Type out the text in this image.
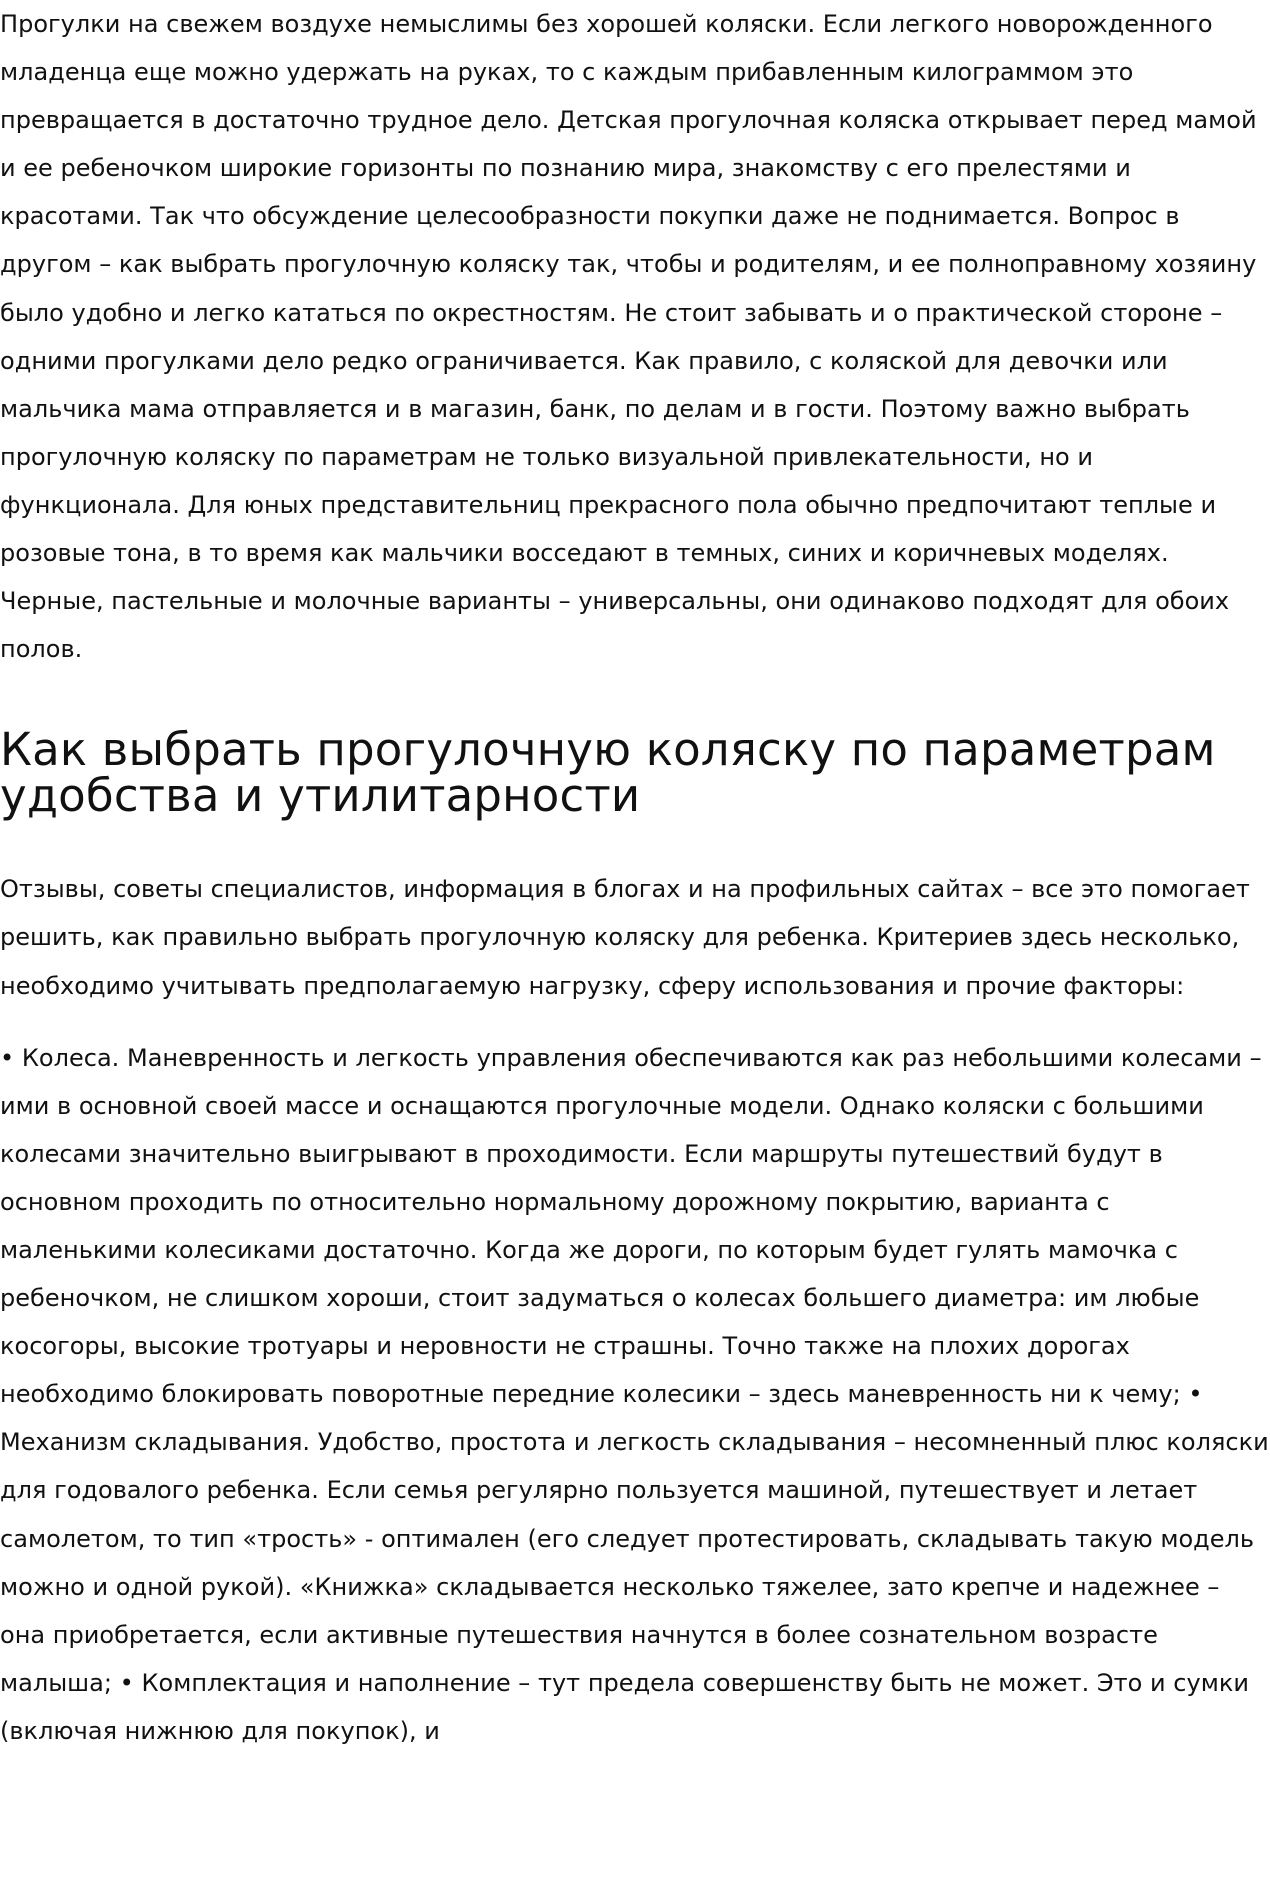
Прогулки на свежем воздухе немыслимы без хорошей коляски. Если легкого новорожденного младенца еще можно удержать на руках, то с каждым прибавленным килограммом это превращается в достаточно трудное дело. Детская прогулочная коляска открывает перед мамой и ее ребеночком широкие горизонты по познанию мира, знакомству с его прелестями и красотами. Так что обсуждение целесообразности покупки даже не поднимается. Вопрос в другом – как выбрать прогулочную коляску так, чтобы и родителям, и ее полноправному хозяину было удобно и легко кататься по окрестностям. Не стоит забывать и о практической стороне – одними прогулками дело редко ограничивается. Как правило, с коляской для девочки или мальчика мама отправляется и в магазин, банк, по делам и в гости. Поэтому важно выбрать прогулочную коляску по параметрам не только визуальной привлекательности, но и функционала. Для юных представительниц прекрасного пола обычно предпочитают теплые и розовые тона, в то время как мальчики восседают в темных, синих и коричневых моделях. Черные, пастельные и молочные варианты – универсальны, они одинаково подходят для обоих полов.

Как выбрать прогулочную коляску по параметрам удобства и утилитарности

Отзывы, советы специалистов, информация в блогах и на профильных сайтах – все это помогает решить, как правильно выбрать прогулочную коляску для ребенка. Критериев здесь несколько, необходимо учитывать предполагаемую нагрузку, сферу использования и прочие факторы:

• Колеса. Маневренность и легкость управления обеспечиваются как раз небольшими колесами – ими в основной своей массе и оснащаются прогулочные модели. Однако коляски с большими колесами значительно выигрывают в проходимости. Если маршруты путешествий будут в основном проходить по относительно нормальному дорожному покрытию, варианта с маленькими колесиками достаточно. Когда же дороги, по которым будет гулять мамочка с ребеночком, не слишком хороши, стоит задуматься о колесах большего диаметра: им любые косогоры, высокие тротуары и неровности не страшны. Точно также на плохих дорогах необходимо блокировать поворотные передние колесики – здесь маневренность ни к чему; • Механизм складывания. Удобство, простота и легкость складывания – несомненный плюс коляски для годовалого ребенка. Если семья регулярно пользуется машиной, путешествует и летает самолетом, то тип «трость» - оптимален (его следует протестировать, складывать такую модель можно и одной рукой). «Книжка» складывается несколько тяжелее, зато крепче и надежнее – она приобретается, если активные путешествия начнутся в более сознательном возрасте малыша; • Комплектация и наполнение – тут предела совершенству быть не может. Это и сумки (включая нижнюю для покупок), и
